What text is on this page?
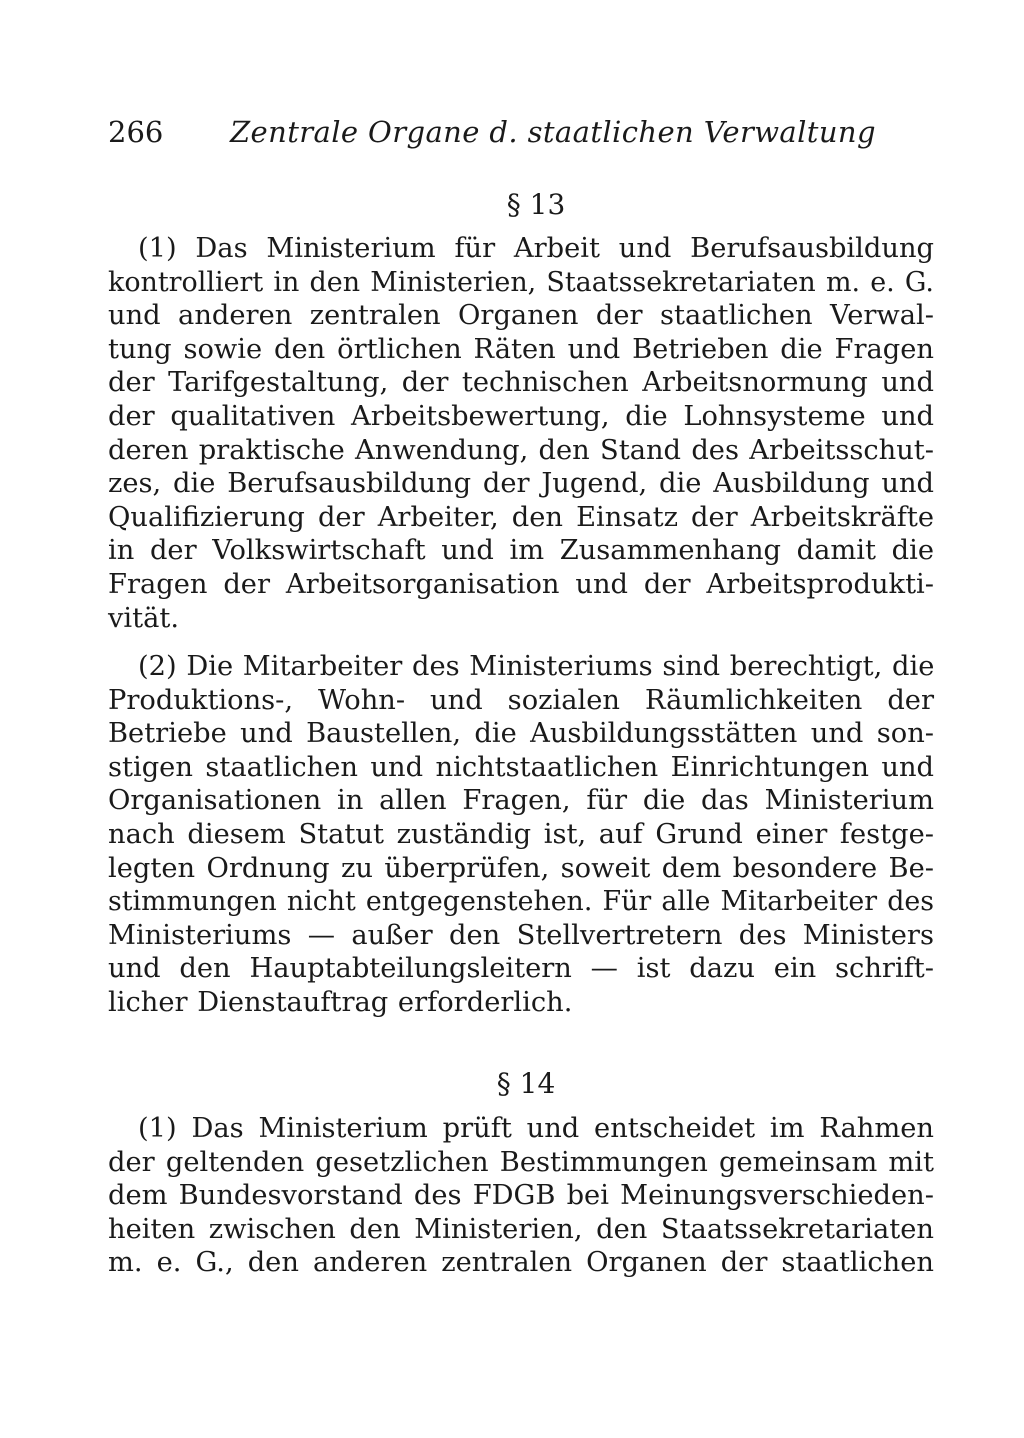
266 Zentrale Organe d. staatlichen Verwaltung
§ 13
(1) Das Ministerium für Arbeit und Berufsausbildung
kontrolliert in den Ministerien, Staatssekretariaten m. e. G.
und anderen zentralen Organen der staatlichen Verwal-
tung sowie den örtlichen Räten und Betrieben die Fragen
der Tarifgestaltung, der technischen Arbeitsnormung und
der qualitativen Arbeitsbewertung, die Lohnsysteme und
deren praktische Anwendung, den Stand des Arbeitsschut-
zes, die Berufsausbildung der Jugend, die Ausbildung und
Qualifizierung der Arbeiter, den Einsatz der Arbeitskräfte
in der Volkswirtschaft und im Zusammenhang damit die
Fragen der Arbeitsorganisation und der Arbeitsprodukti-
vität.
(2) Die Mitarbeiter des Ministeriums sind berechtigt, die
Produktions-, Wohn- und sozialen Räumlichkeiten der
Betriebe und Baustellen, die Ausbildungsstätten und son-
stigen staatlichen und nichtstaatlichen Einrichtungen und
Organisationen in allen Fragen, für die das Ministerium
nach diesem Statut zuständig ist, auf Grund einer festge-
legten Ordnung zu überprüfen, soweit dem besondere Be-
stimmungen nicht entgegenstehen. Für alle Mitarbeiter des
Ministeriums — außer den Stellvertretern des Ministers
und den Hauptabteilungsleitern — ist dazu ein schrift-
licher Dienstauftrag erforderlich.
§ 14
(1) Das Ministerium prüft und entscheidet im Rahmen
der geltenden gesetzlichen Bestimmungen gemeinsam mit
dem Bundesvorstand des FDGB bei Meinungsverschieden-
heiten zwischen den Ministerien, den Staatssekretariaten
m. e. G., den anderen zentralen Organen der staatlichen
